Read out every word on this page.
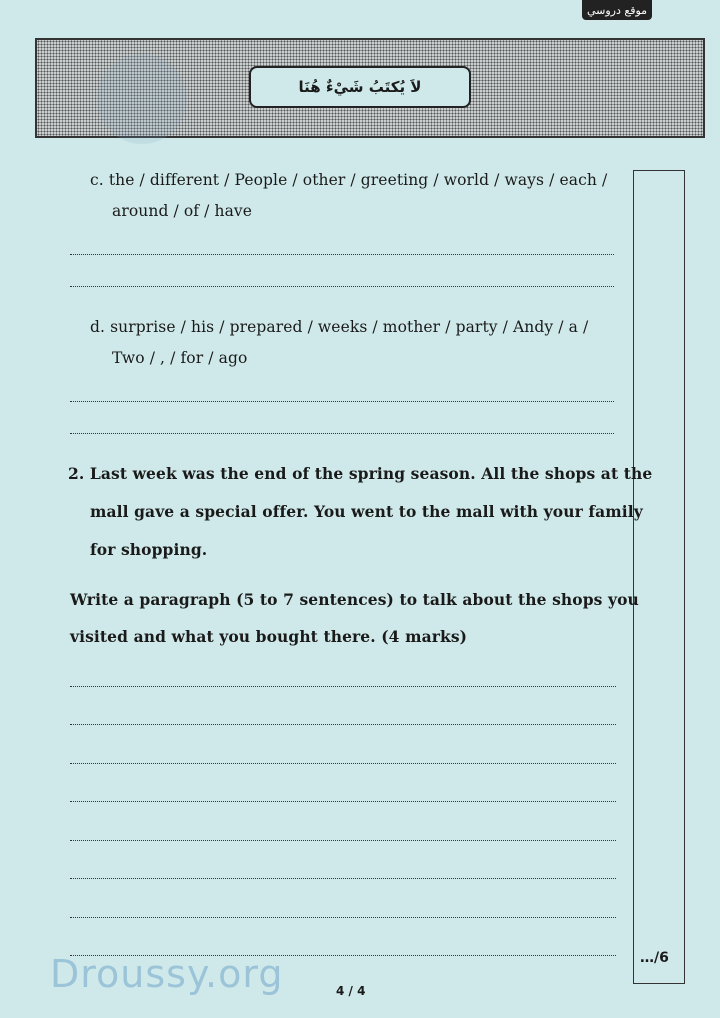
موقع دروسي
لاَ يُكتَبُ شَيْءٌ هُنَا
c. the / different / People / other / greeting / world / ways / each /
around / of / have
d. surprise / his / prepared / weeks / mother / party / Andy / a /
Two / , / for / ago
2. Last week was the end of the spring season. All the shops at the
mall gave a special offer. You went to the mall with your family
for shopping.
Write a paragraph (5 to 7 sentences) to talk about the shops you
visited and what you bought there. (4 marks)
…/6
Droussy.org	4 / 4
